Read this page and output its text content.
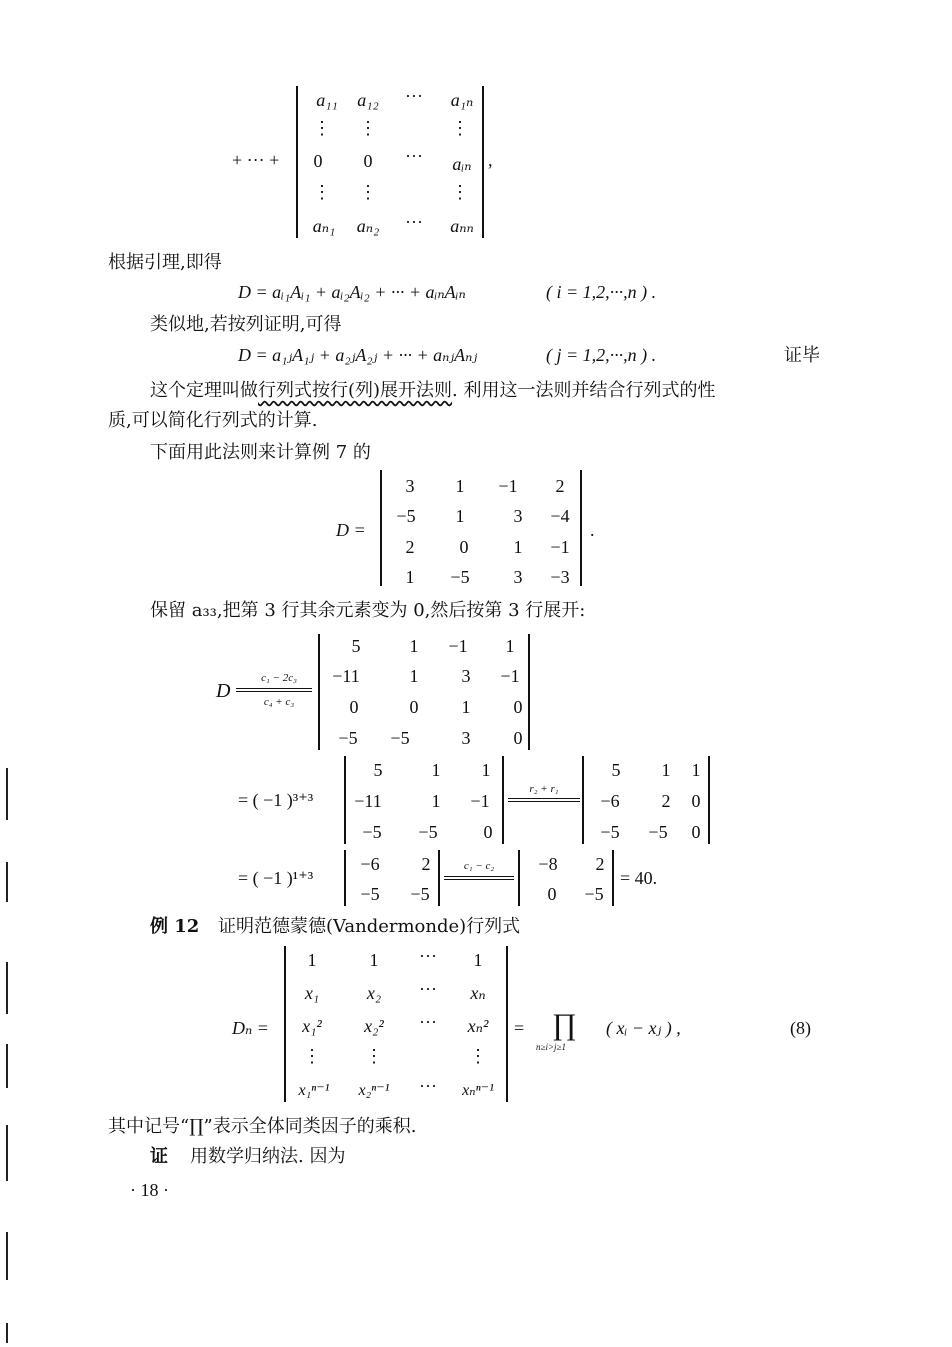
+ ··· +	,
a₁₁	a₁₂	···	a₁ₙ
⋮	⋮	⋮
0	0	···	aᵢₙ
⋮	⋮	⋮
aₙ₁	aₙ₂	···	aₙₙ
根据引理,即得
D = aᵢ₁Aᵢ₁ + aᵢ₂Aᵢ₂ + ··· + aᵢₙAᵢₙ	( i = 1,2,···,n ) .
类似地,若按列证明,可得
D = a₁ⱼA₁ⱼ + a₂ⱼA₂ⱼ + ··· + aₙⱼAₙⱼ	( j = 1,2,···,n ) .	证毕
这个定理叫做行列式按行(列)展开法则. 利用这一法则并结合行列式的性
质,可以简化行列式的计算.
下面用此法则来计算例 7 的
D =	.
3	1	−1	2
−5	1	3	−4
2	0	1	−1
1	−5	3	−3
保留 a₃₃,把第 3 行其余元素变为 0,然后按第 3 行展开:
D
c₁ − 2c₃
c₄ + c₃
5	1	−1	1
−11	1	3	−1
0	0	1	0
−5	−5	3	0
= ( −1 )³⁺³
5	1	1
−11	1	−1
−5	−5	0
r₂ + r₁
5	1	1
−6	2	0
−5	−5	0
= ( −1 )¹⁺³
−6	2
−5	−5
c₁ − c₂	−8	2
0	−5
= 40.
例 12 证明范德蒙德(Vandermonde)行列式
Dₙ =
1	1	···	1
x₁	x₂	···	xₙ
x₁²	x₂²	···	xₙ²
⋮	⋮	⋮
x₁ⁿ⁻¹	x₂ⁿ⁻¹	···	xₙⁿ⁻¹
= ∏
n≥i>j≥1
( xᵢ − xⱼ ) ,	(8)
其中记号“∏”表示全体同类因子的乘积.
证 用数学归纳法. 因为
· 18 ·
